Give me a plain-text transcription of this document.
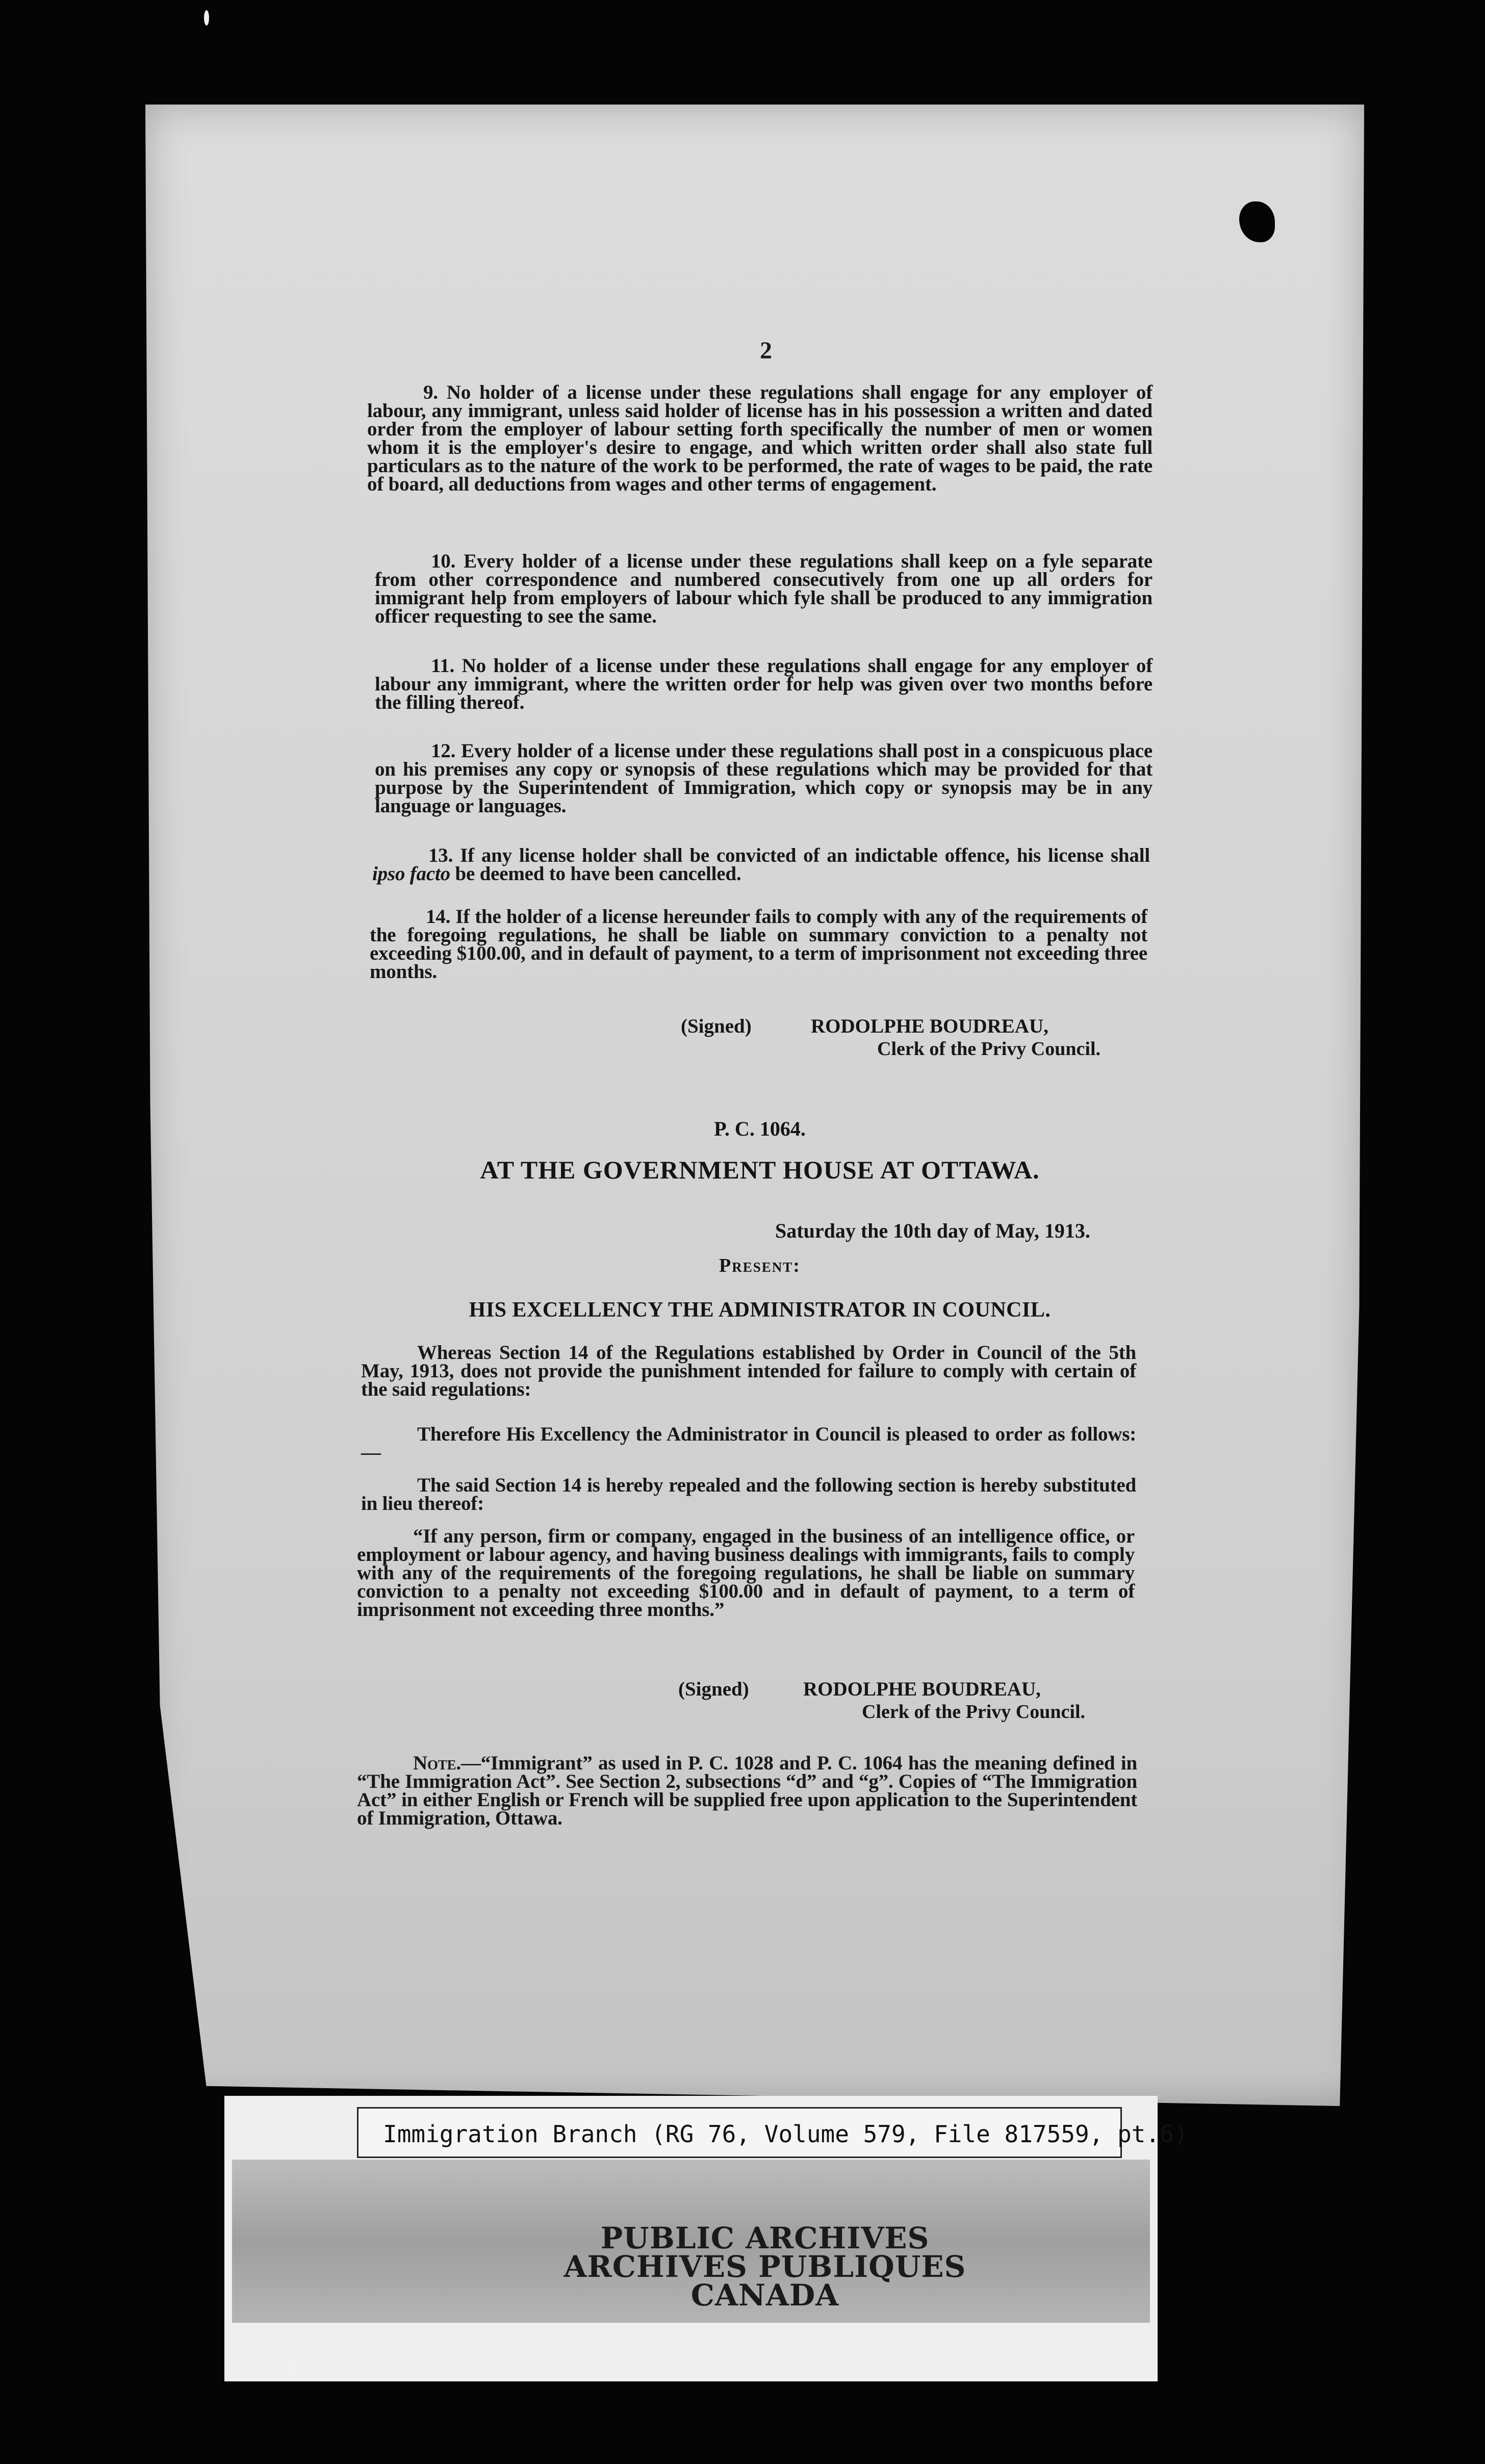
2

9. No holder of a license under these regulations shall engage for any employer of labour, any immigrant, unless said holder of license has in his possession a written and dated order from the employer of labour setting forth specifically the number of men or women whom it is the employer's desire to engage, and which written order shall also state full particulars as to the nature of the work to be performed, the rate of wages to be paid, the rate of board, all deductions from wages and other terms of engagement.

10. Every holder of a license under these regulations shall keep on a fyle separate from other correspondence and numbered consecutively from one up all orders for immigrant help from employers of labour which fyle shall be produced to any immigration officer requesting to see the same.

11. No holder of a license under these regulations shall engage for any employer of labour any immigrant, where the written order for help was given over two months before the filling thereof.

12. Every holder of a license under these regulations shall post in a conspicuous place on his premises any copy or synopsis of these regulations which may be provided for that purpose by the Superintendent of Immigration, which copy or synopsis may be in any language or languages.

13. If any license holder shall be convicted of an indictable offence, his license shall ipso facto be deemed to have been cancelled.

14. If the holder of a license hereunder fails to comply with any of the requirements of the foregoing regulations, he shall be liable on summary conviction to a penalty not exceeding $100.00, and in default of payment, to a term of imprisonment not exceeding three months.

(Signed)	RODOLPHE BOUDREAU,
Clerk of the Privy Council.
P. C. 1064.
AT THE GOVERNMENT HOUSE AT OTTAWA.
Saturday the 10th day of May, 1913.
Present:
HIS EXCELLENCY THE ADMINISTRATOR IN COUNCIL.

Whereas Section 14 of the Regulations established by Order in Council of the 5th May, 1913, does not provide the punishment intended for failure to comply with certain of the said regulations:

Therefore His Excellency the Administrator in Council is pleased to order as follows:—

The said Section 14 is hereby repealed and the following section is hereby substituted in lieu thereof:

“If any person, firm or company, engaged in the business of an intelligence office, or employment or labour agency, and having business dealings with immigrants, fails to comply with any of the requirements of the foregoing regulations, he shall be liable on summary conviction to a penalty not exceeding $100.00 and in default of payment, to a term of imprisonment not exceeding three months.”

(Signed)	RODOLPHE BOUDREAU,
Clerk of the Privy Council.

Note.—“Immigrant” as used in P. C. 1028 and P. C. 1064 has the meaning defined in “The Immigration Act”. See Section 2, subsections “d” and “g”. Copies of “The Immigration Act” in either English or French will be supplied free upon application to the Superintendent of Immigration, Ottawa.

Immigration Branch (RG 76, Volume 579, File 817559, pt.6)
PUBLIC ARCHIVES
ARCHIVES PUBLIQUES
CANADA
